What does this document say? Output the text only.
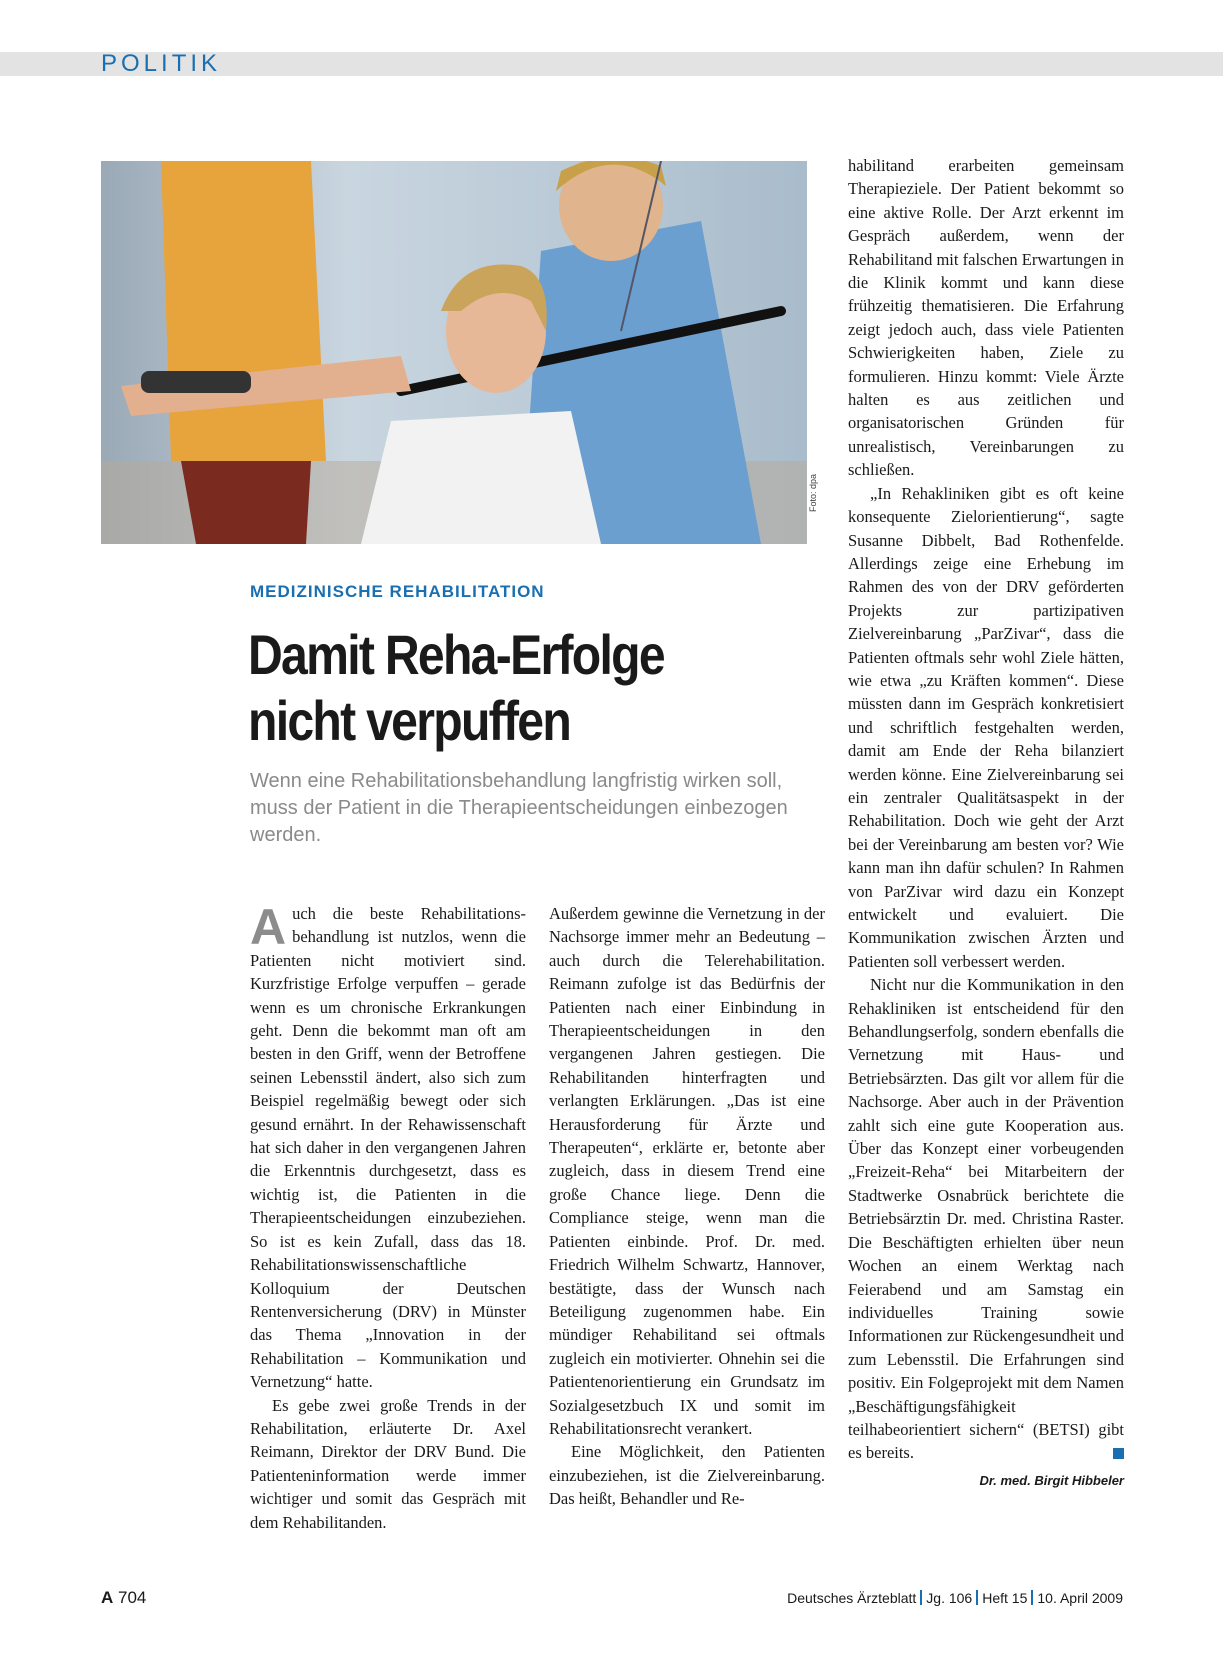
POLITIK
Foto: dpa
MEDIZINISCHE REHABILITATION
Damit Reha-Erfolge
nicht verpuffen
Wenn eine Rehabilitationsbehandlung langfristig wirken soll, muss der Patient in die Therapieentscheidungen einbezogen werden.

Auch die beste Rehabilitationsbehandlung ist nutzlos, wenn die Patienten nicht motiviert sind. Kurzfristige Erfolge verpuffen – gerade wenn es um chronische Erkrankungen geht. Denn die bekommt man oft am besten in den Griff, wenn der Betroffene seinen Lebensstil ändert, also sich zum Beispiel regelmäßig bewegt oder sich gesund ernährt. In der Rehawissenschaft hat sich daher in den vergangenen Jahren die Erkenntnis durchgesetzt, dass es wichtig ist, die Patienten in die Therapieentscheidungen einzubeziehen. So ist es kein Zufall, dass das 18. Rehabilitationswissenschaftliche Kolloquium der Deutschen Rentenversicherung (DRV) in Münster das Thema „Innovation in der Rehabilitation – Kommunikation und Vernetzung“ hatte.

Es gebe zwei große Trends in der Rehabilitation, erläuterte Dr. Axel Reimann, Direktor der DRV Bund. Die Patienteninformation werde immer wichtiger und somit das Gespräch mit dem Rehabilitanden.

Außerdem gewinne die Vernetzung in der Nachsorge immer mehr an Bedeutung – auch durch die Telerehabilitation. Reimann zufolge ist das Bedürfnis der Patienten nach einer Einbindung in Therapieentscheidungen in den vergangenen Jahren gestiegen. Die Rehabilitanden hinterfragten und verlangten Erklärungen. „Das ist eine Herausforderung für Ärzte und Therapeuten“, erklärte er, betonte aber zugleich, dass in diesem Trend eine große Chance liege. Denn die Compliance steige, wenn man die Patienten einbinde. Prof. Dr. med. Friedrich Wilhelm Schwartz, Hannover, bestätigte, dass der Wunsch nach Beteiligung zugenommen habe. Ein mündiger Rehabilitand sei oftmals zugleich ein motivierter. Ohnehin sei die Patientenorientierung ein Grundsatz im Sozialgesetzbuch IX und somit im Rehabilitationsrecht verankert.

Eine Möglichkeit, den Patienten einzubeziehen, ist die Zielvereinbarung. Das heißt, Behandler und Re-

habilitand erarbeiten gemeinsam Therapieziele. Der Patient bekommt so eine aktive Rolle. Der Arzt erkennt im Gespräch außerdem, wenn der Rehabilitand mit falschen Erwartungen in die Klinik kommt und kann diese frühzeitig thematisieren. Die Erfahrung zeigt jedoch auch, dass viele Patienten Schwierigkeiten haben, Ziele zu formulieren. Hinzu kommt: Viele Ärzte halten es aus zeitlichen und organisatorischen Gründen für unrealistisch, Vereinbarungen zu schließen.

„In Rehakliniken gibt es oft keine konsequente Zielorientierung“, sagte Susanne Dibbelt, Bad Rothenfelde. Allerdings zeige eine Erhebung im Rahmen des von der DRV geförderten Projekts zur partizipativen Zielvereinbarung „ParZivar“, dass die Patienten oftmals sehr wohl Ziele hätten, wie etwa „zu Kräften kommen“. Diese müssten dann im Gespräch konkretisiert und schriftlich festgehalten werden, damit am Ende der Reha bilanziert werden könne. Eine Zielvereinbarung sei ein zentraler Qualitätsaspekt in der Rehabilitation. Doch wie geht der Arzt bei der Vereinbarung am besten vor? Wie kann man ihn dafür schulen? In Rahmen von ParZivar wird dazu ein Konzept entwickelt und evaluiert. Die Kommunikation zwischen Ärzten und Patienten soll verbessert werden.

Nicht nur die Kommunikation in den Rehakliniken ist entscheidend für den Behandlungserfolg, sondern ebenfalls die Vernetzung mit Haus- und Betriebsärzten. Das gilt vor allem für die Nachsorge. Aber auch in der Prävention zahlt sich eine gute Kooperation aus. Über das Konzept einer vorbeugenden „Freizeit-Reha“ bei Mitarbeitern der Stadtwerke Osnabrück berichtete die Betriebsärztin Dr. med. Christina Raster. Die Beschäftigten erhielten über neun Wochen an einem Werktag nach Feierabend und am Samstag ein individuelles Training sowie Informationen zur Rückengesundheit und zum Lebensstil. Die Erfahrungen sind positiv. Ein Folgeprojekt mit dem Namen „Beschäftigungsfähigkeit teilhabeorientiert sichern“ (BETSI) gibt es bereits.

Dr. med. Birgit Hibbeler
A 704	Deutsches Ärzteblatt Jg. 106 Heft 15 10. April 2009
